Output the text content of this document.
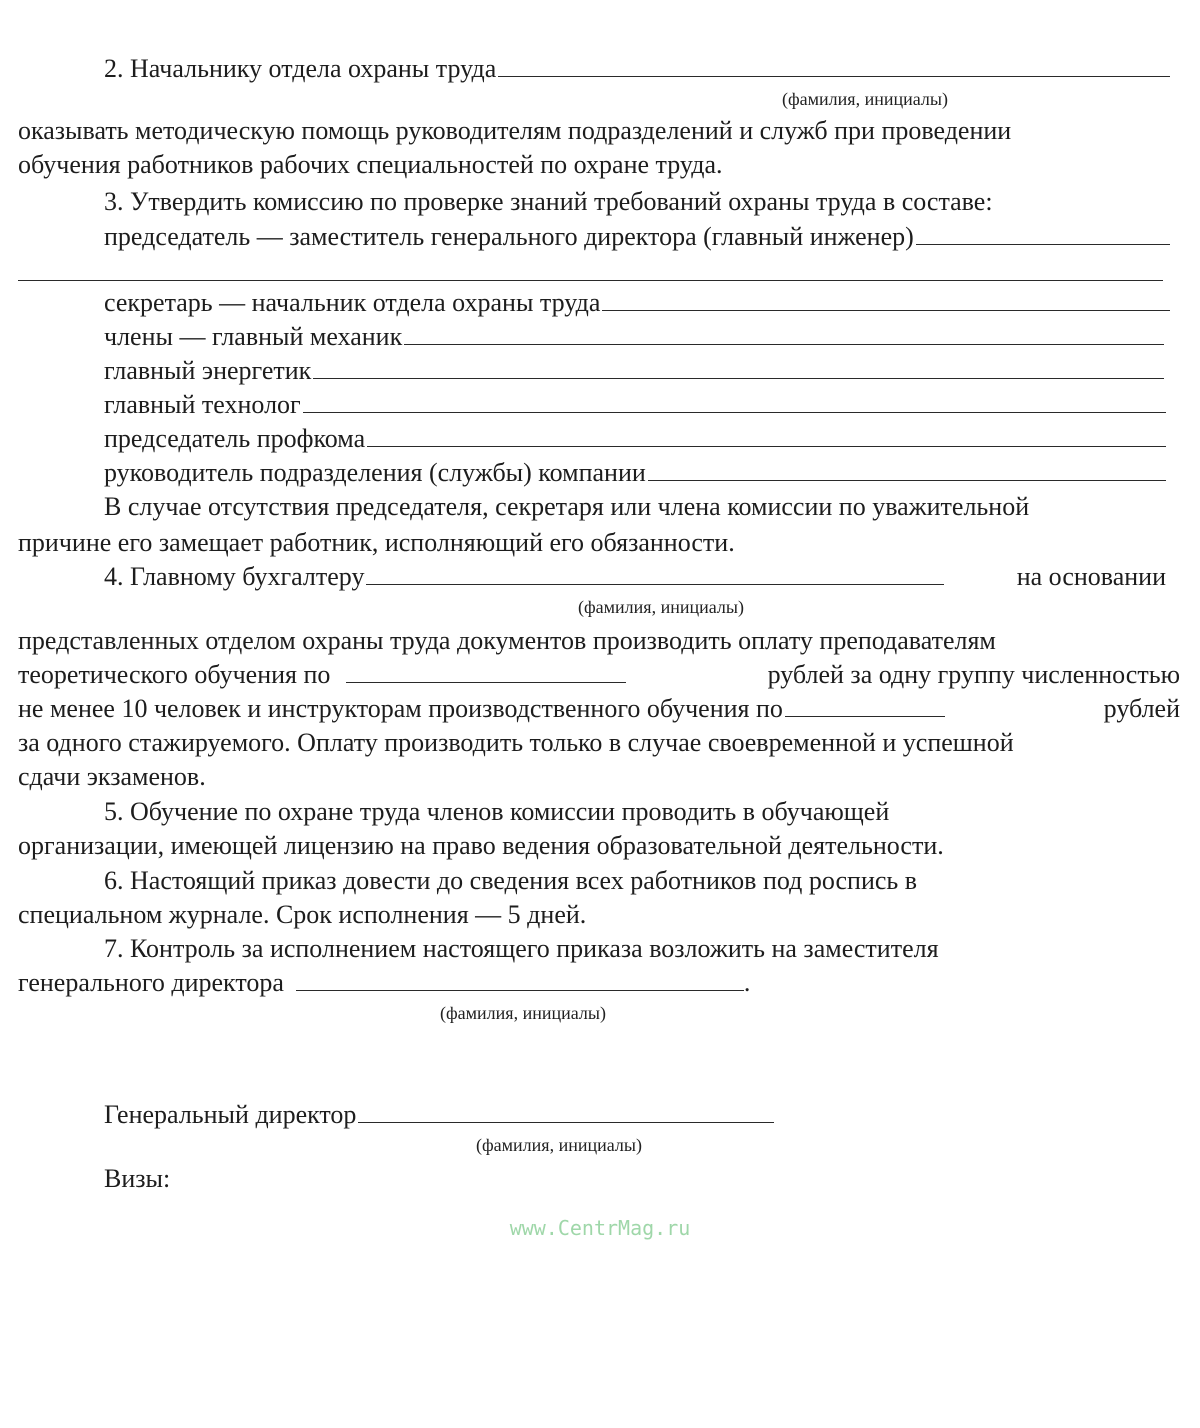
2. Начальнику отдела охраны труда
(фамилия, инициалы)
оказывать методическую помощь руководителям подразделений и служб при проведении
обучения работников рабочих специальностей по охране труда.
3. Утвердить комиссию по проверке знаний требований охраны труда в составе:
председатель — заместитель генерального директора (главный инженер)
секретарь — начальник отдела охраны труда
члены — главный механик
главный энергетик
главный технолог
председатель профкома
руководитель подразделения (службы) компании
В случае отсутствия председателя, секретаря или члена комиссии по уважительной
причине его замещает работник, исполняющий его обязанности.
4. Главному бухгалтеру	на основании
(фамилия, инициалы)
представленных отделом охраны труда документов производить оплату преподавателям
теоретического обучения по	рублей за одну группу численностью
не менее 10 человек и инструкторам производственного обучения по	рублей
за одного стажируемого. Оплату производить только в случае своевременной и успешной
сдачи экзаменов.
5. Обучение по охране труда членов комиссии проводить в обучающей
организации, имеющей лицензию на право ведения образовательной деятельности.
6. Настоящий приказ довести до сведения всех работников под роспись в
специальном журнале. Срок исполнения — 5 дней.
7. Контроль за исполнением настоящего приказа возложить на заместителя
генерального директора	.
(фамилия, инициалы)
Генеральный директор
(фамилия, инициалы)
Визы:
www.CentrMag.ru
